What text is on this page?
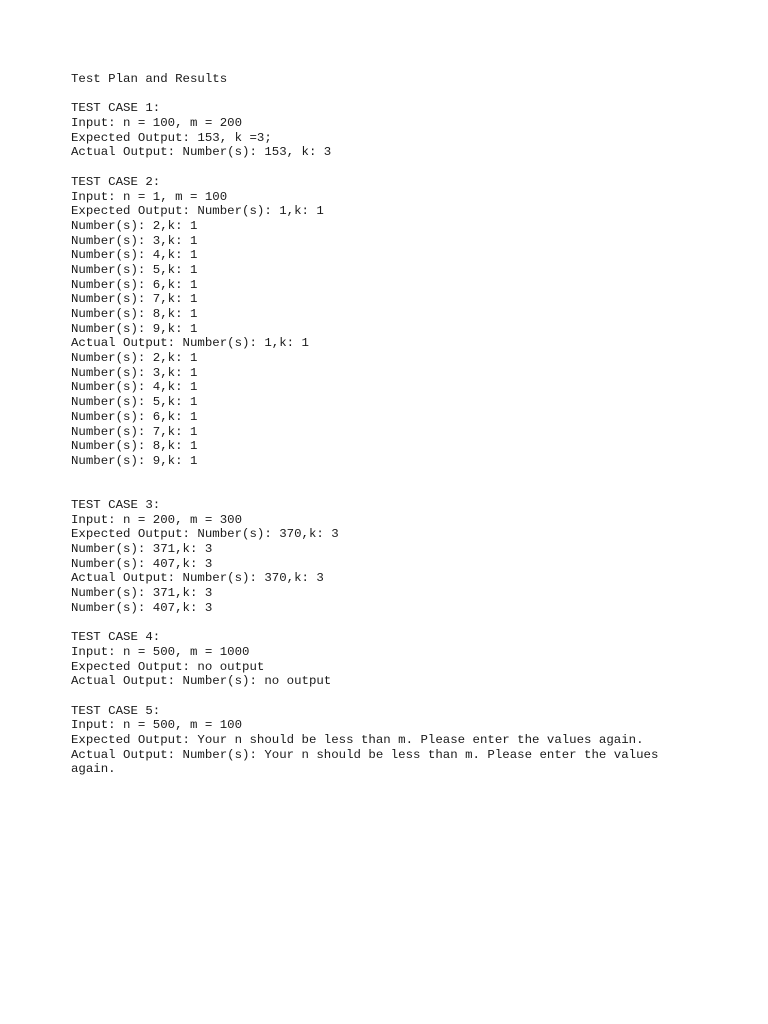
Test Plan and Results
TEST CASE 1:
Input: n = 100, m = 200
Expected Output: 153, k =3;
Actual Output: Number(s): 153, k: 3
TEST CASE 2:
Input: n = 1, m = 100
Expected Output: Number(s): 1,k: 1
Number(s): 2,k: 1
Number(s): 3,k: 1
Number(s): 4,k: 1
Number(s): 5,k: 1
Number(s): 6,k: 1
Number(s): 7,k: 1
Number(s): 8,k: 1
Number(s): 9,k: 1
Actual Output: Number(s): 1,k: 1
Number(s): 2,k: 1
Number(s): 3,k: 1
Number(s): 4,k: 1
Number(s): 5,k: 1
Number(s): 6,k: 1
Number(s): 7,k: 1
Number(s): 8,k: 1
Number(s): 9,k: 1
TEST CASE 3:
Input: n = 200, m = 300
Expected Output: Number(s): 370,k: 3
Number(s): 371,k: 3
Number(s): 407,k: 3
Actual Output: Number(s): 370,k: 3
Number(s): 371,k: 3
Number(s): 407,k: 3
TEST CASE 4:
Input: n = 500, m = 1000
Expected Output: no output
Actual Output: Number(s): no output
TEST CASE 5:
Input: n = 500, m = 100
Expected Output: Your n should be less than m. Please enter the values again.
Actual Output: Number(s): Your n should be less than m. Please enter the values again.
